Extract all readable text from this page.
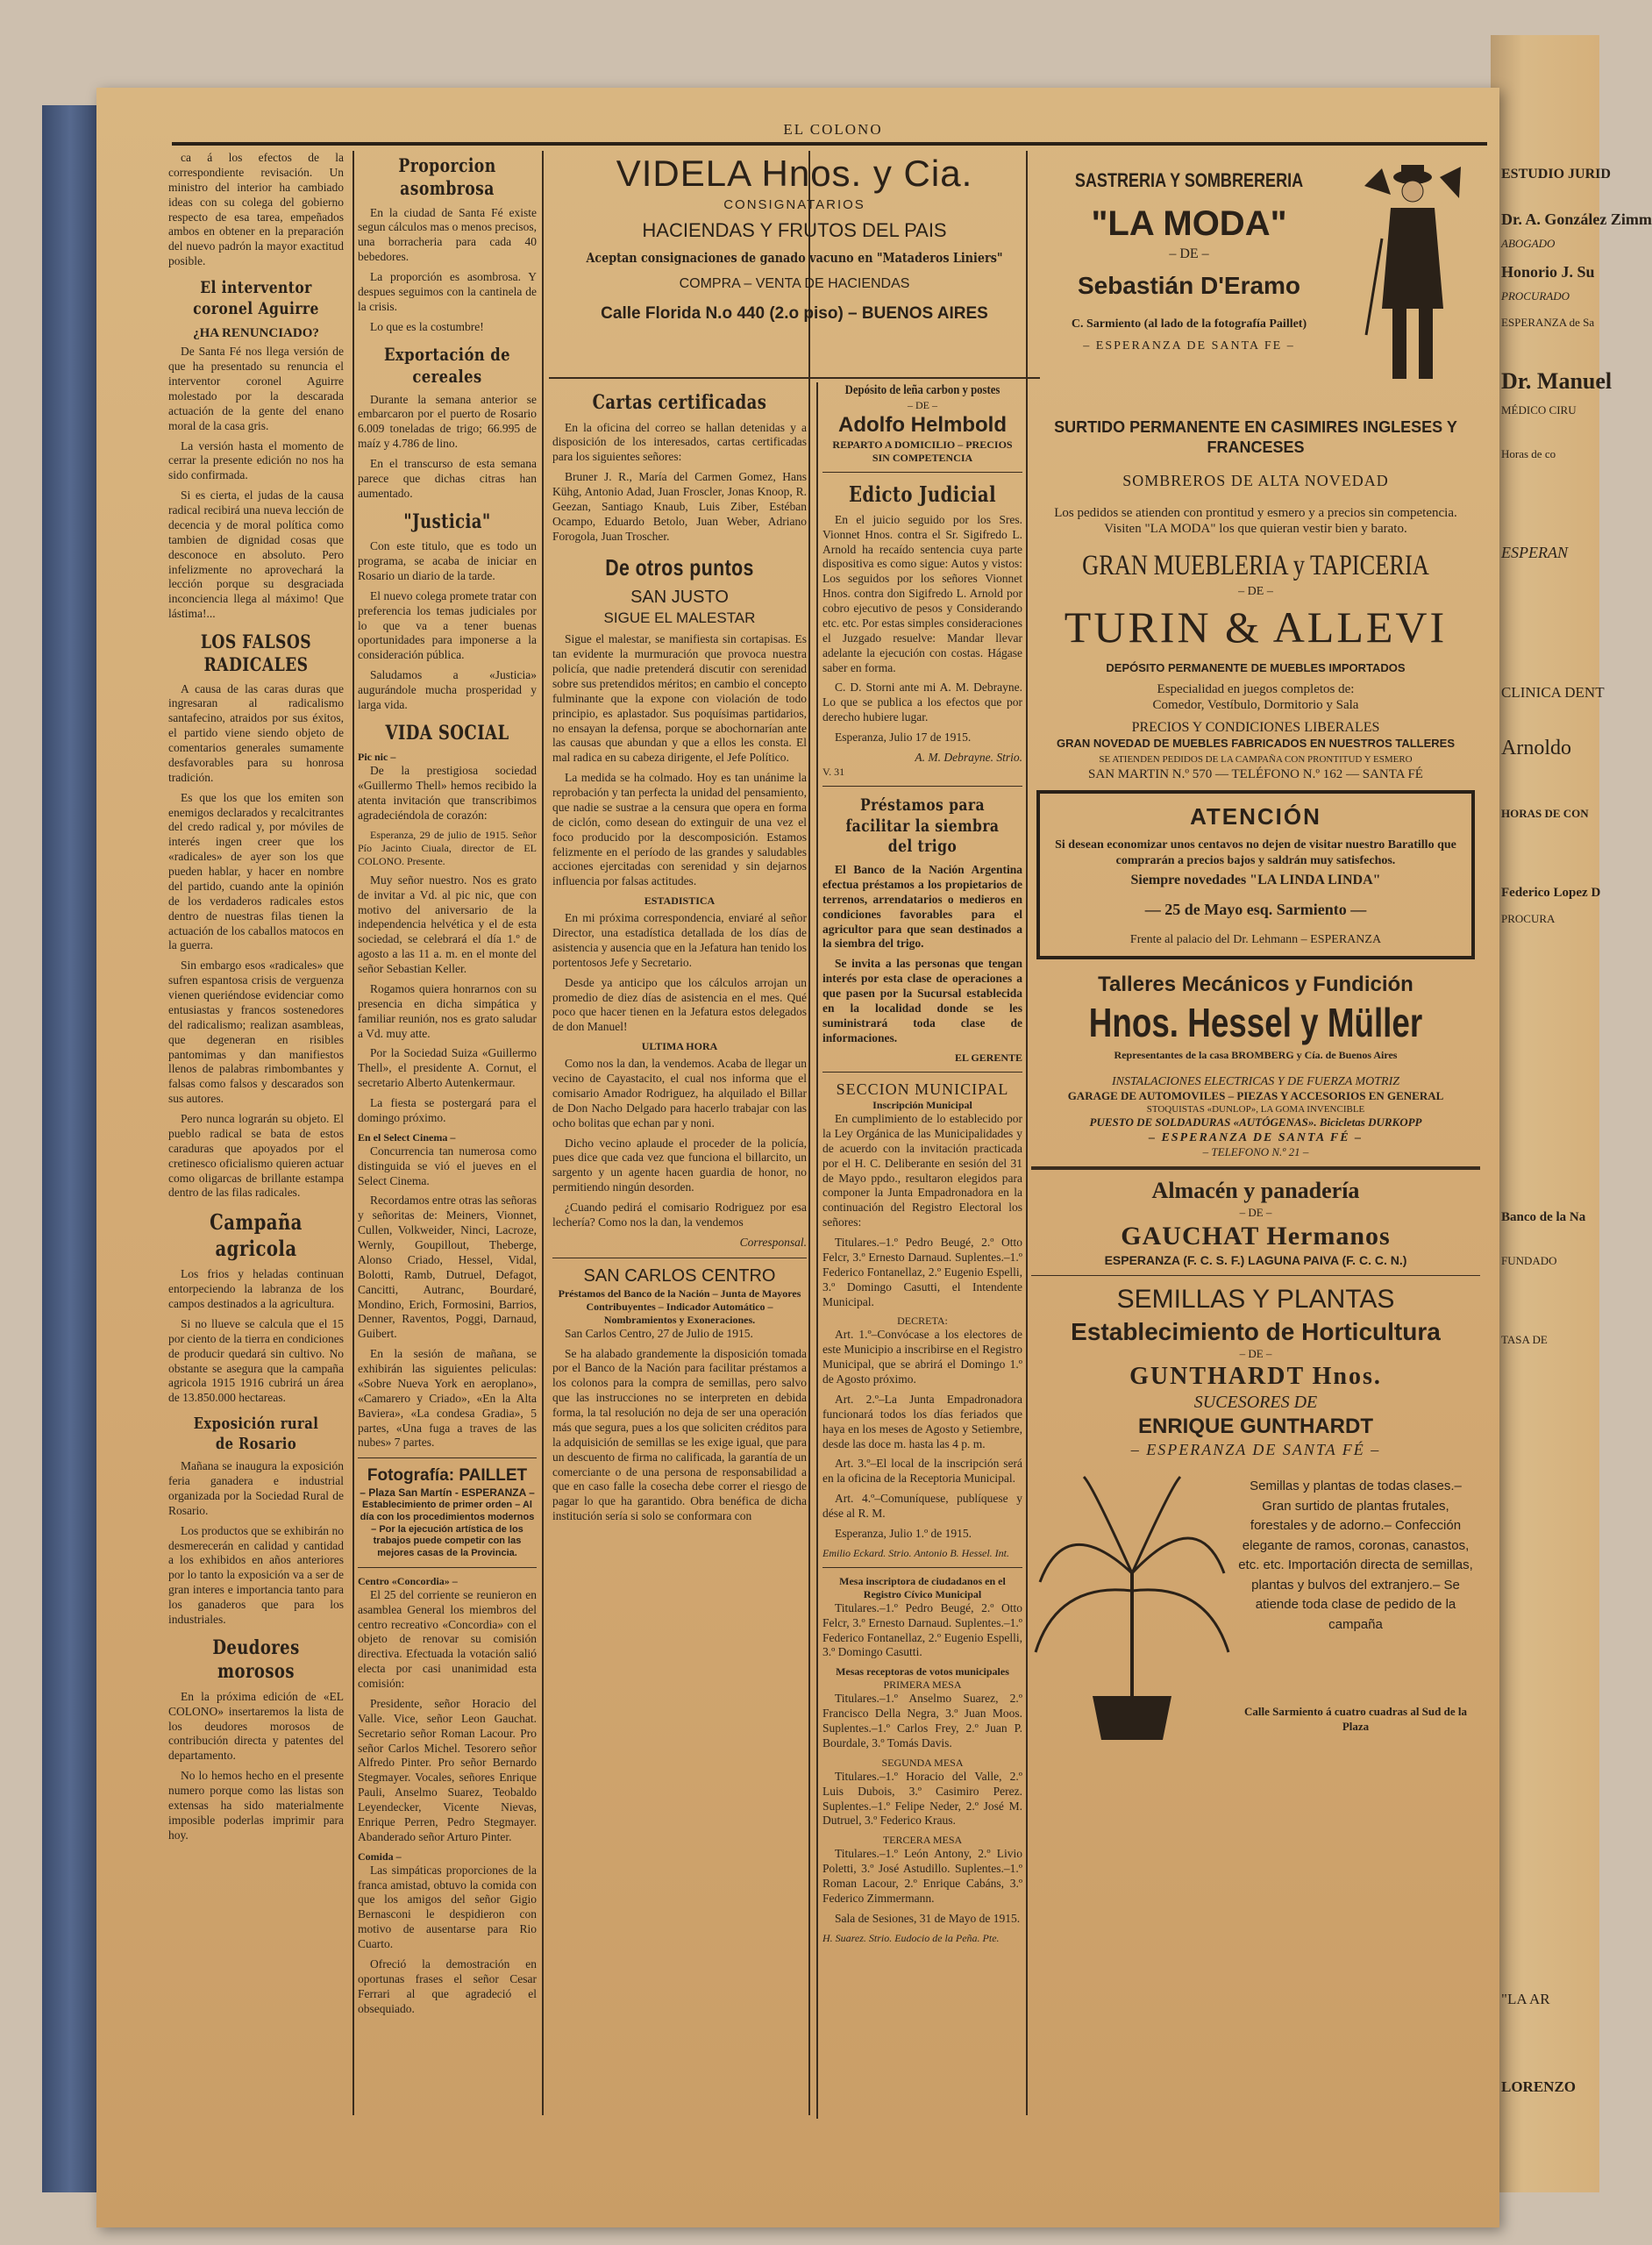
EL COLONO

ca á los efectos de la correspondiente revisación. Un ministro del interior ha cambiado ideas con su colega del gobierno respecto de esa tarea, empeñados ambos en obtener en la preparación del nuevo padrón la mayor exactitud posible.

El interventor coronel Aguirre
¿HA RENUNCIADO?

De Santa Fé nos llega versión de que ha presentado su renuncia el interventor coronel Aguirre molestado por la descarada actuación de la gente del enano moral de la casa gris.

La versión hasta el momento de cerrar la presente edición no nos ha sido confirmada.

Si es cierta, el judas de la causa radical recibirá una nueva lección de decencia y de moral política como tambien de dignidad cosas que desconoce en absoluto. Pero infelizmente no aprovechará la lección porque su desgraciada inconciencia llega al máximo! Que lástima!...

LOS FALSOS RADICALES

A causa de las caras duras que ingresaran al radicalismo santafecino, atraidos por sus éxitos, el partido viene siendo objeto de comentarios generales sumamente desfavorables para su honrosa tradición.

Es que los que los emiten son enemigos declarados y recalcitrantes del credo radical y, por móviles de interés ingen creer que los «radicales» de ayer son los que pueden hablar, y hacer en nombre del partido, cuando ante la opinión de los verdaderos radicales estos dentro de nuestras filas tienen la actuación de los caballos matocos en la guerra.

Sin embargo esos «radicales» que sufren espantosa crisis de verguenza vienen queriéndose evidenciar como entusiastas y francos sostenedores del radicalismo; realizan asambleas, que degeneran en risibles pantomimas y dan manifiestos llenos de palabras rimbombantes y falsas como falsos y descarados son sus autores.

Pero nunca lograrán su objeto. El pueblo radical se bata de estos caraduras que apoyados por el cretinesco oficialismo quieren actuar como oligarcas de brillante estampa dentro de las filas radicales.

Campaña agricola

Los frios y heladas continuan entorpeciendo la labranza de los campos destinados a la agricultura.

Si no llueve se calcula que el 15 por ciento de la tierra en condiciones de producir quedará sin cultivo. No obstante se asegura que la campaña agricola 1915 1916 cubrirá un área de 13.850.000 hectareas.

Exposición rural de Rosario

Mañana se inaugura la exposición feria ganadera e industrial organizada por la Sociedad Rural de Rosario.

Los productos que se exhibirán no desmerecerán en calidad y cantidad a los exhibidos en años anteriores por lo tanto la exposición va a ser de gran interes e importancia tanto para los ganaderos que para los industriales.

Deudores morosos

En la próxima edición de «EL COLONO» insertaremos la lista de los deudores morosos de contribución directa y patentes del departamento.

No lo hemos hecho en el presente numero porque como las listas son extensas ha sido materialmente imposible poderlas imprimir para hoy.

Proporcion asombrosa

En la ciudad de Santa Fé existe segun cálculos mas o menos precisos, una borracheria para cada 40 bebedores.

La proporción es asombrosa. Y despues seguimos con la cantinela de la crisis.

Lo que es la costumbre!

Exportación de cereales

Durante la semana anterior se embarcaron por el puerto de Rosario 6.009 toneladas de trigo; 66.995 de maíz y 4.786 de lino.

En el transcurso de esta semana parece que dichas citras han aumentado.

"Justicia"

Con este titulo, que es todo un programa, se acaba de iniciar en Rosario un diario de la tarde.

El nuevo colega promete tratar con preferencia los temas judiciales por lo que va a tener buenas oportunidades para imponerse a la consideración pública.

Saludamos a «Justicia» augurándole mucha prosperidad y larga vida.

VIDA SOCIAL
Pic nic –

De la prestigiosa sociedad «Guillermo Thell» hemos recibido la atenta invitación que transcribimos agradeciéndola de corazón:

Esperanza, 29 de julio de 1915. Señor Pío Jacinto Ciuala, director de EL COLONO. Presente.

Muy señor nuestro. Nos es grato de invitar a Vd. al pic nic, que con motivo del aniversario de la independencia helvética y el de esta sociedad, se celebrará el día 1.º de agosto a las 11 a. m. en el monte del señor Sebastian Keller.

Rogamos quiera honrarnos con su presencia en dicha simpática y familiar reunión, nos es grato saludar a Vd. muy atte.

Por la Sociedad Suiza «Guillermo Thell», el presidente A. Cornut, el secretario Alberto Autenkermaur.

La fiesta se postergará para el domingo próximo.

En el Select Cinema –

Concurrencia tan numerosa como distinguida se vió el jueves en el Select Cinema.

Recordamos entre otras las señoras y señoritas de: Meiners, Vionnet, Cullen, Volkweider, Ninci, Lacroze, Wernly, Goupillout, Theberge, Alonso Criado, Hessel, Vidal, Bolotti, Ramb, Dutruel, Defagot, Cancitti, Autranc, Bourdaré, Mondino, Erich, Formosini, Barrios, Denner, Raventos, Poggi, Darnaud, Guibert.

En la sesión de mañana, se exhibirán las siguientes peliculas: «Sobre Nueva York en aeroplano», «Camarero y Criado», «En la Alta Baviera», «La condesa Gradia», 5 partes, «Una fuga a traves de las nubes» 7 partes.

Fotografía: PAILLET
– Plaza San Martín - ESPERANZA –
Establecimiento de primer orden – Al día con los procedimientos modernos – Por la ejecución artística de los trabajos puede competir con las mejores casas de la Provincia.
Centro «Concordia» –

El 25 del corriente se reunieron en asamblea General los miembros del centro recreativo «Concordia» con el objeto de renovar su comisión directiva. Efectuada la votación salió electa por casi unanimidad esta comisión:

Presidente, señor Horacio del Valle. Vice, señor Leon Gauchat. Secretario señor Roman Lacour. Pro señor Carlos Michel. Tesorero señor Alfredo Pinter. Pro señor Bernardo Stegmayer. Vocales, señores Enrique Pauli, Anselmo Suarez, Teobaldo Leyendecker, Vicente Nievas, Enrique Perren, Pedro Stegmayer. Abanderado señor Arturo Pinter.

Comida –

Las simpáticas proporciones de la franca amistad, obtuvo la comida con que los amigos del señor Gigio Bernasconi le despidieron con motivo de ausentarse para Rio Cuarto.

Ofreció la demostración en oportunas frases el señor Cesar Ferrari al que agradeció el obsequiado.

VIDELA Hnos. y Cia.
CONSIGNATARIOS
HACIENDAS Y FRUTOS DEL PAIS
Aceptan consignaciones de ganado vacuno en "Mataderos Liniers"
COMPRA – VENTA DE HACIENDAS
Calle Florida N.o 440 (2.o piso) – BUENOS AIRES
Cartas certificadas

En la oficina del correo se hallan detenidas y a disposición de los interesados, cartas certificadas para los siguientes señores:

Bruner J. R., María del Carmen Gomez, Hans Kühg, Antonio Adad, Juan Froscler, Jonas Knoop, R. Geezan, Santiago Knaub, Luis Ziber, Estéban Ocampo, Eduardo Betolo, Juan Weber, Adriano Forogola, Juan Troscher.

De otros puntos
SAN JUSTO
SIGUE EL MALESTAR

Sigue el malestar, se manifiesta sin cortapisas. Es tan evidente la murmuración que provoca nuestra policía, que nadie pretenderá discutir con serenidad sobre sus pretendidos méritos; en cambio el concepto fulminante que la expone con violación de todo principio, es aplastador. Sus poquísimas partidarios, no ensayan la defensa, porque se abochornarían ante las causas que abundan y que a ellos les consta. El mal radica en su cabeza dirigente, el Jefe Político.

La medida se ha colmado. Hoy es tan unánime la reprobación y tan perfecta la unidad del pensamiento, que nadie se sustrae a la censura que opera en forma de ciclón, como desean do extinguir de una vez el foco producido por la descomposición. Estamos felizmente en el período de las grandes y saludables acciones ejercitadas con serenidad y sin dejarnos influencia por falsas actitudes.

ESTADISTICA

En mi próxima correspondencia, enviaré al señor Director, una estadística detallada de los días de asistencia y ausencia que en la Jefatura han tenido los portentosos Jefe y Secretario.

Desde ya anticipo que los cálculos arrojan un promedio de diez días de asistencia en el mes. Qué poco que hacer tienen en la Jefatura estos delegados de don Manuel!

ULTIMA HORA

Como nos la dan, la vendemos. Acaba de llegar un vecino de Cayastacito, el cual nos informa que el comisario Amador Rodriguez, ha alquilado el Billar de Don Nacho Delgado para hacerlo trabajar con las ocho bolitas que echan par y noni.

Dicho vecino aplaude el proceder de la policía, pues dice que cada vez que funciona el billarcito, un sargento y un agente hacen guardia de honor, no permitiendo ningún desorden.

¿Cuando pedirá el comisario Rodriguez por esa lechería? Como nos la dan, la vendemos

Corresponsal.
SAN CARLOS CENTRO
Préstamos del Banco de la Nación – Junta de Mayores Contribuyentes – Indicador Automático – Nombramientos y Exoneraciones.

San Carlos Centro, 27 de Julio de 1915.

Se ha alabado grandemente la disposición tomada por el Banco de la Nación para facilitar préstamos a los colonos para la compra de semillas, pero salvo que las instrucciones no se interpreten en debida forma, la tal resolución no deja de ser una operación más que segura, pues a los que soliciten créditos para la adquisición de semillas se les exige igual, que para un descuento de firma no calificada, la garantía de un comerciante o de una persona de responsabilidad a que en caso falle la cosecha debe correr el riesgo de pagar lo que ha garantido. Obra benéfica de dicha institución sería si solo se conformara con

Depósito de leña carbon y postes
– DE –
Adolfo Helmbold
REPARTO A DOMICILIO – PRECIOS SIN COMPETENCIA
Edicto Judicial

En el juicio seguido por los Sres. Vionnet Hnos. contra el Sr. Sigifredo L. Arnold ha recaído sentencia cuya parte dispositiva es como sigue: Autos y vistos: Los seguidos por los señores Vionnet Hnos. contra don Sigifredo L. Arnold por cobro ejecutivo de pesos y Considerando etc. etc. Por estas simples consideraciones el Juzgado resuelve: Mandar llevar adelante la ejecución con costas. Hágase saber en forma.

C. D. Storni ante mi A. M. Debrayne. Lo que se publica a los efectos que por derecho hubiere lugar.

Esperanza, Julio 17 de 1915.

A. M. Debrayne. Strio.
V. 31
Préstamos para facilitar la siembra del trigo

El Banco de la Nación Argentina efectua préstamos a los propietarios de terrenos, arrendatarios o medieros en condiciones favorables para el agricultor para que sean destinados a la siembra del trigo.

Se invita a las personas que tengan interés por esta clase de operaciones a que pasen por la Sucursal establecida en la localidad donde se les suministrará toda clase de informaciones.

EL GERENTE
SECCION MUNICIPAL
Inscripción Municipal

En cumplimiento de lo establecido por la Ley Orgánica de las Municipalidades y de acuerdo con la invitación practicada por el H. C. Deliberante en sesión del 31 de Mayo ppdo., resultaron elegidos para componer la Junta Empadronadora en la continuación del Registro Electoral los señores:

Titulares.–1.º Pedro Beugé, 2.º Otto Felcr, 3.º Ernesto Darnaud. Suplentes.–1.º Federico Fontanellaz, 2.º Eugenio Espelli, 3.º Domingo Casutti, el Intendente Municipal.

DECRETA:

Art. 1.º–Convócase a los electores de este Municipio a inscribirse en el Registro Municipal, que se abrirá el Domingo 1.º de Agosto próximo.

Art. 2.º–La Junta Empadronadora funcionará todos los días feriados que haya en los meses de Agosto y Setiembre, desde las doce m. hasta las 4 p. m.

Art. 3.º–El local de la inscripción será en la oficina de la Receptoria Municipal.

Art. 4.º–Comuníquese, publíquese y dése al R. M.

Esperanza, Julio 1.º de 1915.

Emilio Eckard. Strio. Antonio B. Hessel. Int.
Mesa inscriptora de ciudadanos en el Registro Cívico Municipal

Titulares.–1.º Pedro Beugé, 2.º Otto Felcr, 3.º Ernesto Darnaud. Suplentes.–1.º Federico Fontanellaz, 2.º Eugenio Espelli, 3.º Domingo Casutti.

Mesas receptoras de votos municipales
PRIMERA MESA

Titulares.–1.º Anselmo Suarez, 2.º Francisco Della Negra, 3.º Juan Moos. Suplentes.–1.º Carlos Frey, 2.º Juan P. Bourdale, 3.º Tomás Davis.

SEGUNDA MESA

Titulares.–1.º Horacio del Valle, 2.º Luis Dubois, 3.º Casimiro Perez. Suplentes.–1.º Felipe Neder, 2.º José M. Dutruel, 3.º Federico Kraus.

TERCERA MESA

Titulares.–1.º León Antony, 2.º Livio Poletti, 3.º José Astudillo. Suplentes.–1.º Roman Lacour, 2.º Enrique Cabáns, 3.º Federico Zimmermann.

Sala de Sesiones, 31 de Mayo de 1915.

H. Suarez. Strio. Eudocio de la Peña. Pte.
SASTRERIA Y SOMBRERERIA
"LA MODA"
– DE –
Sebastián D'Eramo
C. Sarmiento (al lado de la fotografía Paillet)
– ESPERANZA DE SANTA FE –
SURTIDO PERMANENTE EN CASIMIRES INGLESES Y FRANCESES
SOMBREROS DE ALTA NOVEDAD
Los pedidos se atienden con prontitud y esmero y a precios sin competencia.
Visiten "LA MODA" los que quieran vestir bien y barato.
GRAN MUEBLERIA y TAPICERIA
– DE –
TURIN & ALLEVI
DEPÓSITO PERMANENTE DE MUEBLES IMPORTADOS
Especialidad en juegos completos de:
Comedor, Vestíbulo, Dormitorio y Sala
PRECIOS Y CONDICIONES LIBERALES
GRAN NOVEDAD DE MUEBLES FABRICADOS EN NUESTROS TALLERES
SE ATIENDEN PEDIDOS DE LA CAMPAÑA CON PRONTITUD Y ESMERO
SAN MARTIN N.º 570 — TELÉFONO N.º 162 — SANTA FÉ
ATENCIÓN
Si desean economizar unos centavos no dejen de visitar nuestro Baratillo que comprarán a precios bajos y saldrán muy satisfechos.
Siempre novedades "LA LINDA LINDA"
— 25 de Mayo esq. Sarmiento —
Frente al palacio del Dr. Lehmann – ESPERANZA
Talleres Mecánicos y Fundición
Hnos. Hessel y Müller
Representantes de la casa BROMBERG y Cía. de Buenos Aires
INSTALACIONES ELECTRICAS Y DE FUERZA MOTRIZ
GARAGE DE AUTOMOVILES – PIEZAS Y ACCESORIOS EN GENERAL
STOQUISTAS «DUNLOP», LA GOMA INVENCIBLE
PUESTO DE SOLDADURAS «AUTÓGENAS». Bicicletas DURKOPP
– ESPERANZA DE SANTA FÉ –
– TELEFONO N.º 21 –
Almacén y panadería
– DE –
GAUCHAT Hermanos
ESPERANZA (F. C. S. F.) LAGUNA PAIVA (F. C. C. N.)
SEMILLAS Y PLANTAS
Establecimiento de Horticultura
– DE –
GUNTHARDT Hnos.
SUCESORES DE
ENRIQUE GUNTHARDT
– ESPERANZA DE SANTA FÉ –
Semillas y plantas de todas clases.– Gran surtido de plantas frutales, forestales y de adorno.– Confección elegante de ramos, coronas, canastos, etc. etc. Importación directa de semillas, plantas y bulvos del extranjero.– Se atiende toda clase de pedido de la campaña
Calle Sarmiento á cuatro cuadras al Sud de la Plaza
ESTUDIO JURID
Dr. A. González Zimm
ABOGADO
Honorio J. Su
PROCURADO
ESPERANZA de Sa
Dr. Manuel
MÉDICO CIRU
Horas de co
ESPERAN
CLINICA DENT
Arnoldo
HORAS DE CON
Federico Lopez D
PROCURA
Banco de la Na
FUNDADO
TASA DE
"LA AR
LORENZO
